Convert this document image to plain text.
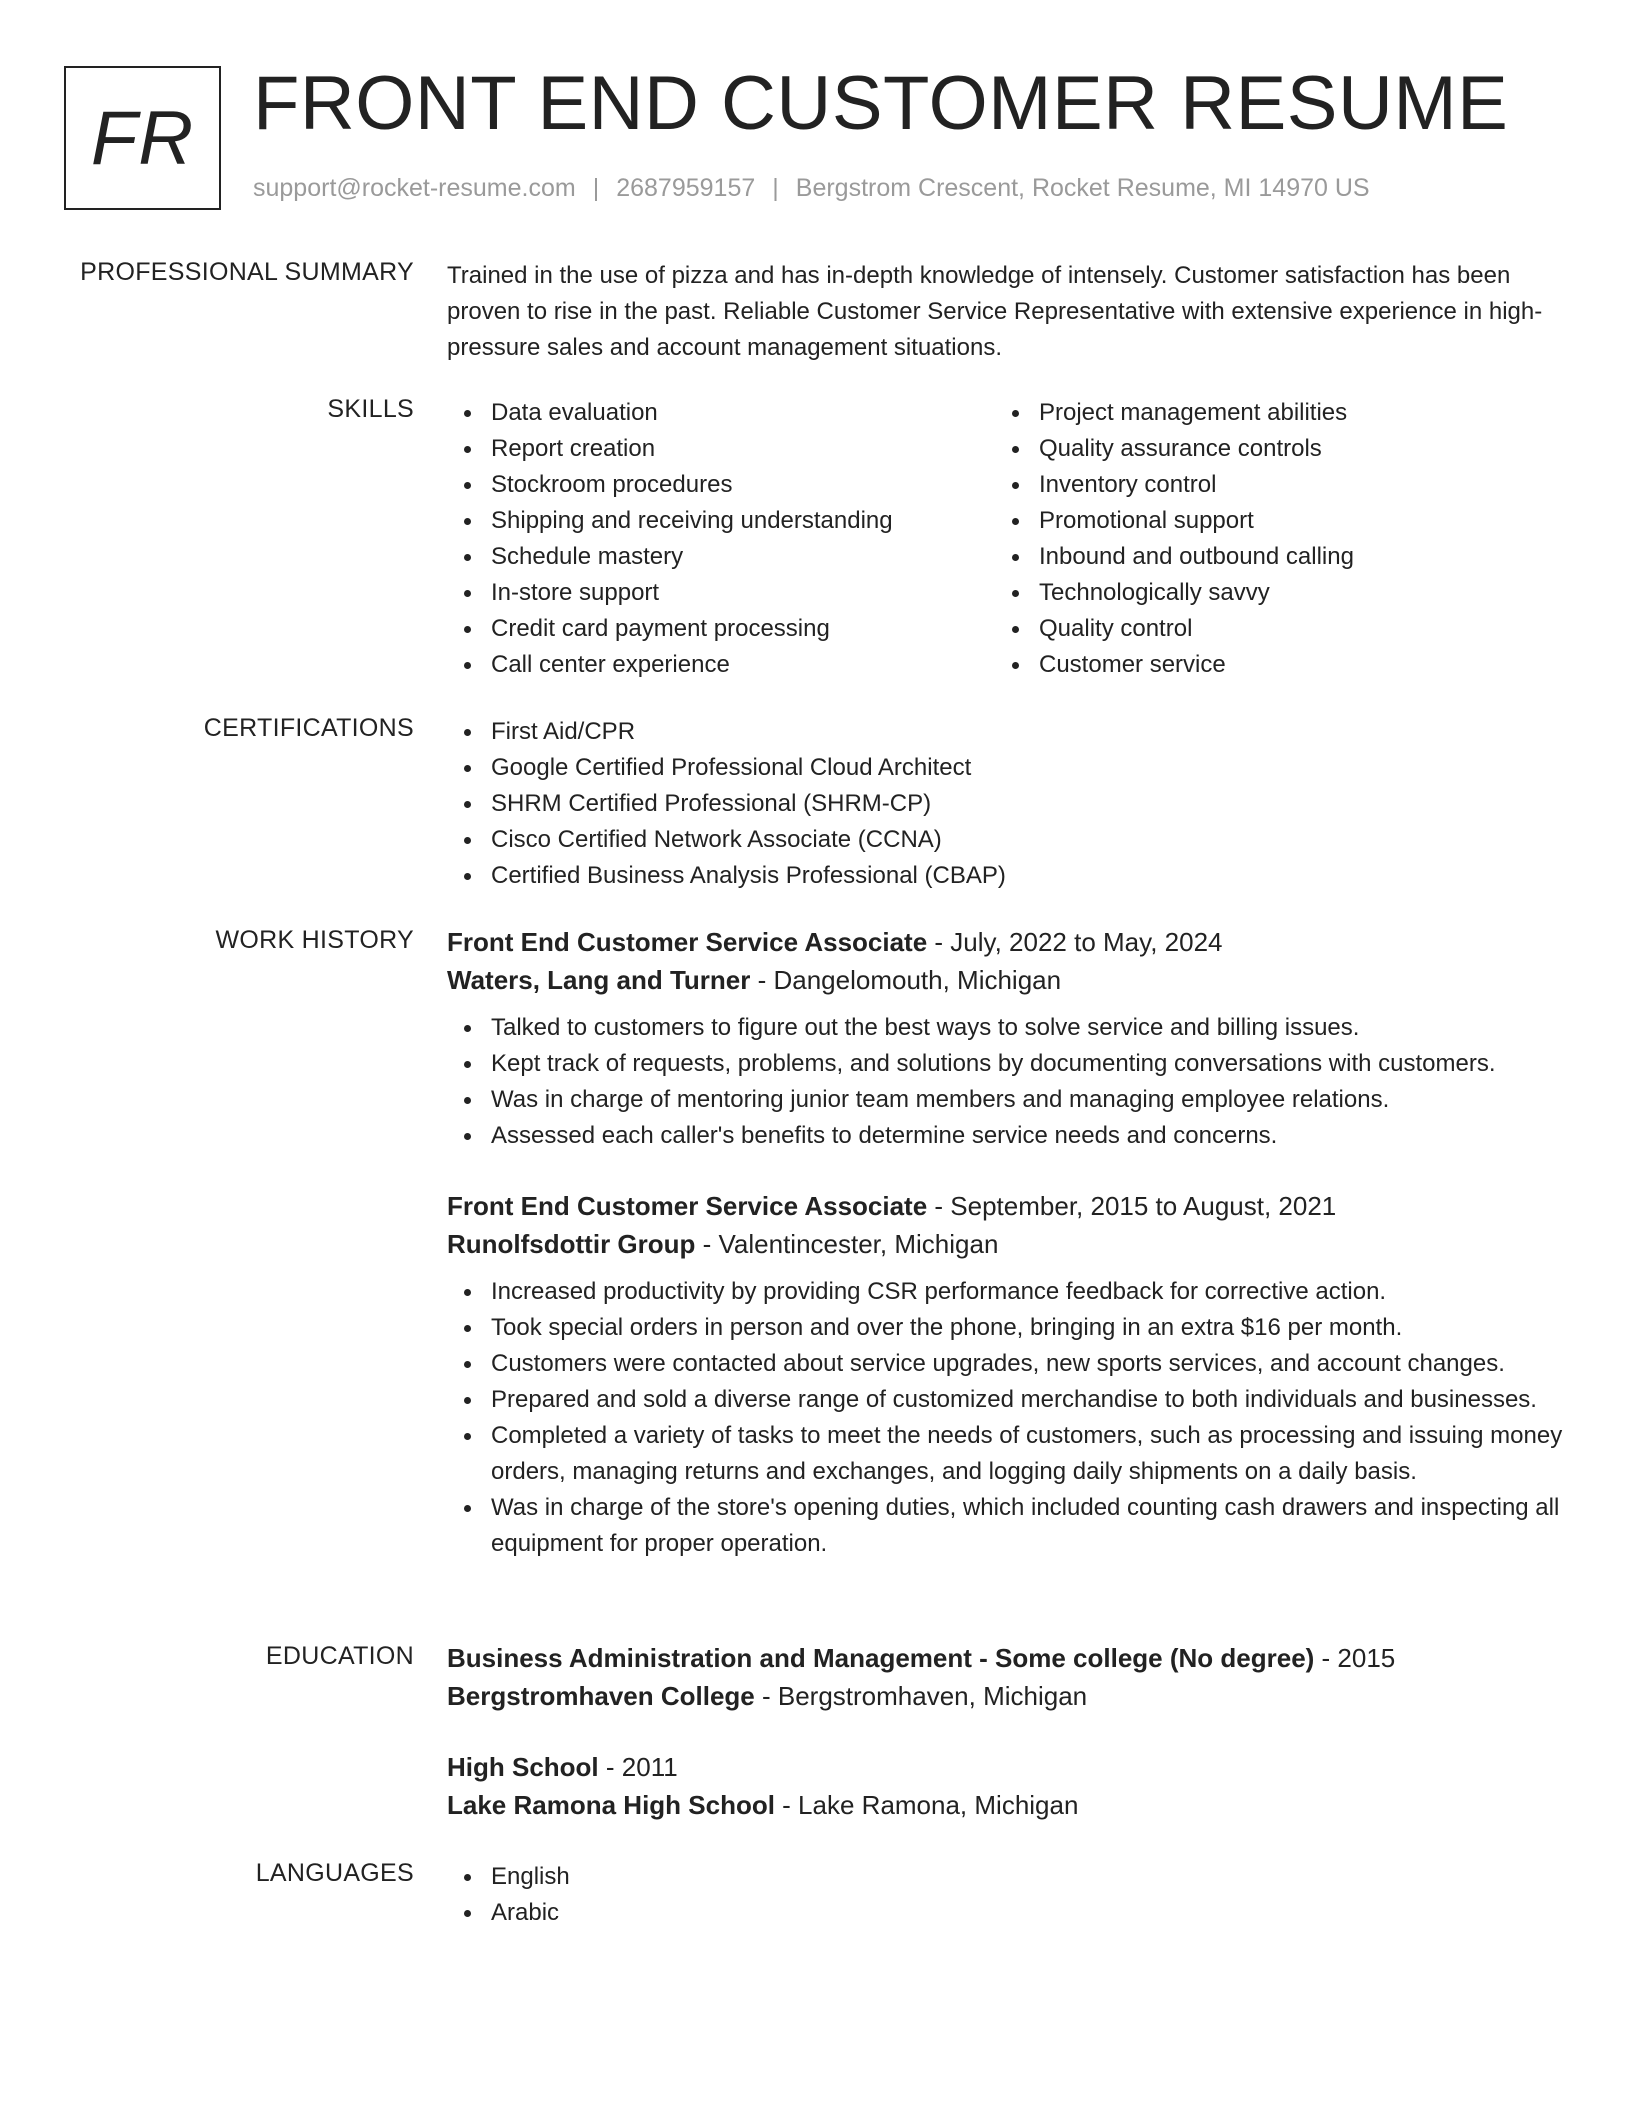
FR FRONT END CUSTOMER RESUME
support@rocket-resume.com | 2687959157 | Bergstrom Crescent, Rocket Resume, MI 14970 US
PROFESSIONAL SUMMARY Trained in the use of pizza and has in-depth knowledge of intensely. Customer satisfaction has been proven to rise in the past. Reliable Customer Service Representative with extensive experience in high-pressure sales and account management situations.
SKILLS	Data evaluation
Report creation
Stockroom procedures
Shipping and receiving understanding
Schedule mastery
In-store support
Credit card payment processing
Call center experience
Project management abilities
Quality assurance controls
Inventory control
Promotional support
Inbound and outbound calling
Technologically savvy
Quality control
Customer service
CERTIFICATIONS	First Aid/CPR
Google Certified Professional Cloud Architect
SHRM Certified Professional (SHRM-CP)
Cisco Certified Network Associate (CCNA)
Certified Business Analysis Professional (CBAP)
WORK HISTORY Front End Customer Service Associate - July, 2022 to May, 2024
Waters, Lang and Turner - Dangelomouth, Michigan
Talked to customers to figure out the best ways to solve service and billing issues.
Kept track of requests, problems, and solutions by documenting conversations with customers.
Was in charge of mentoring junior team members and managing employee relations.
Assessed each caller's benefits to determine service needs and concerns.
Front End Customer Service Associate - September, 2015 to August, 2021
Runolfsdottir Group - Valentincester, Michigan
Increased productivity by providing CSR performance feedback for corrective action.
Took special orders in person and over the phone, bringing in an extra $16 per month.
Customers were contacted about service upgrades, new sports services, and account changes.
Prepared and sold a diverse range of customized merchandise to both individuals and businesses.
Completed a variety of tasks to meet the needs of customers, such as processing and issuing money orders, managing returns and exchanges, and logging daily shipments on a daily basis.
Was in charge of the store's opening duties, which included counting cash drawers and inspecting all equipment for proper operation.
EDUCATION Business Administration and Management - Some college (No degree) - 2015
Bergstromhaven College - Bergstromhaven, Michigan
High School - 2011
Lake Ramona High School - Lake Ramona, Michigan
LANGUAGES	English
Arabic
